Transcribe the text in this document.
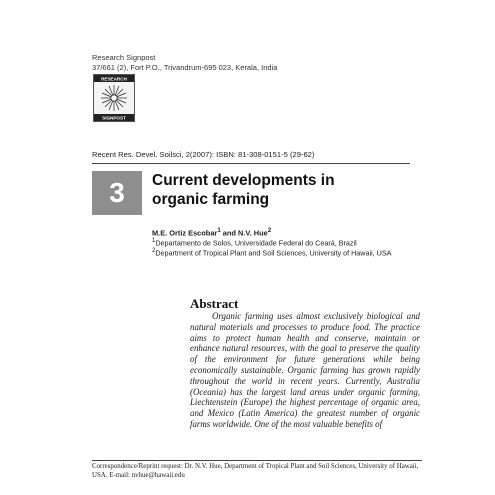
Research Signpost
37/661 (2), Fort P.O., Trivandrum-695 023, Kerala, India
RESEARCH
SIGNPOST
Recent Res. Devel. Soilsci, 2(2007): ISBN: 81-308-0151-5 (29-62)
3	Current developments in
organic farming
M.E. Ortiz Escobar$^1$ and N.V. Hue$^2$
$^1$Departamento de Solos, Universidade Federal do Ceará, Brazil
$^2$Department of Tropical Plant and Soil Sciences, University of Hawaii, USA
Abstract
Organic farming uses almost exclusively biological and natural materials and processes to produce food. The practice aims to protect human health and conserve, maintain or enhance natural resources, with the goal to preserve the quality of the environment for future generations while being economically sustainable. Organic farming has grown rapidly throughout the world in recent years. Currently, Australia (Oceania) has the largest land areas under organic farming, Liechtenstein (Europe) the highest percentage of organic area, and Mexico (Latin America) the greatest number of organic farms worldwide. One of the most valuable benefits of
Correspondence/Reprint request: Dr. N.V. Hue, Department of Tropical Plant and Soil Sciences, University of Hawaii, USA. E-mail: nvhue@hawaii.edu
